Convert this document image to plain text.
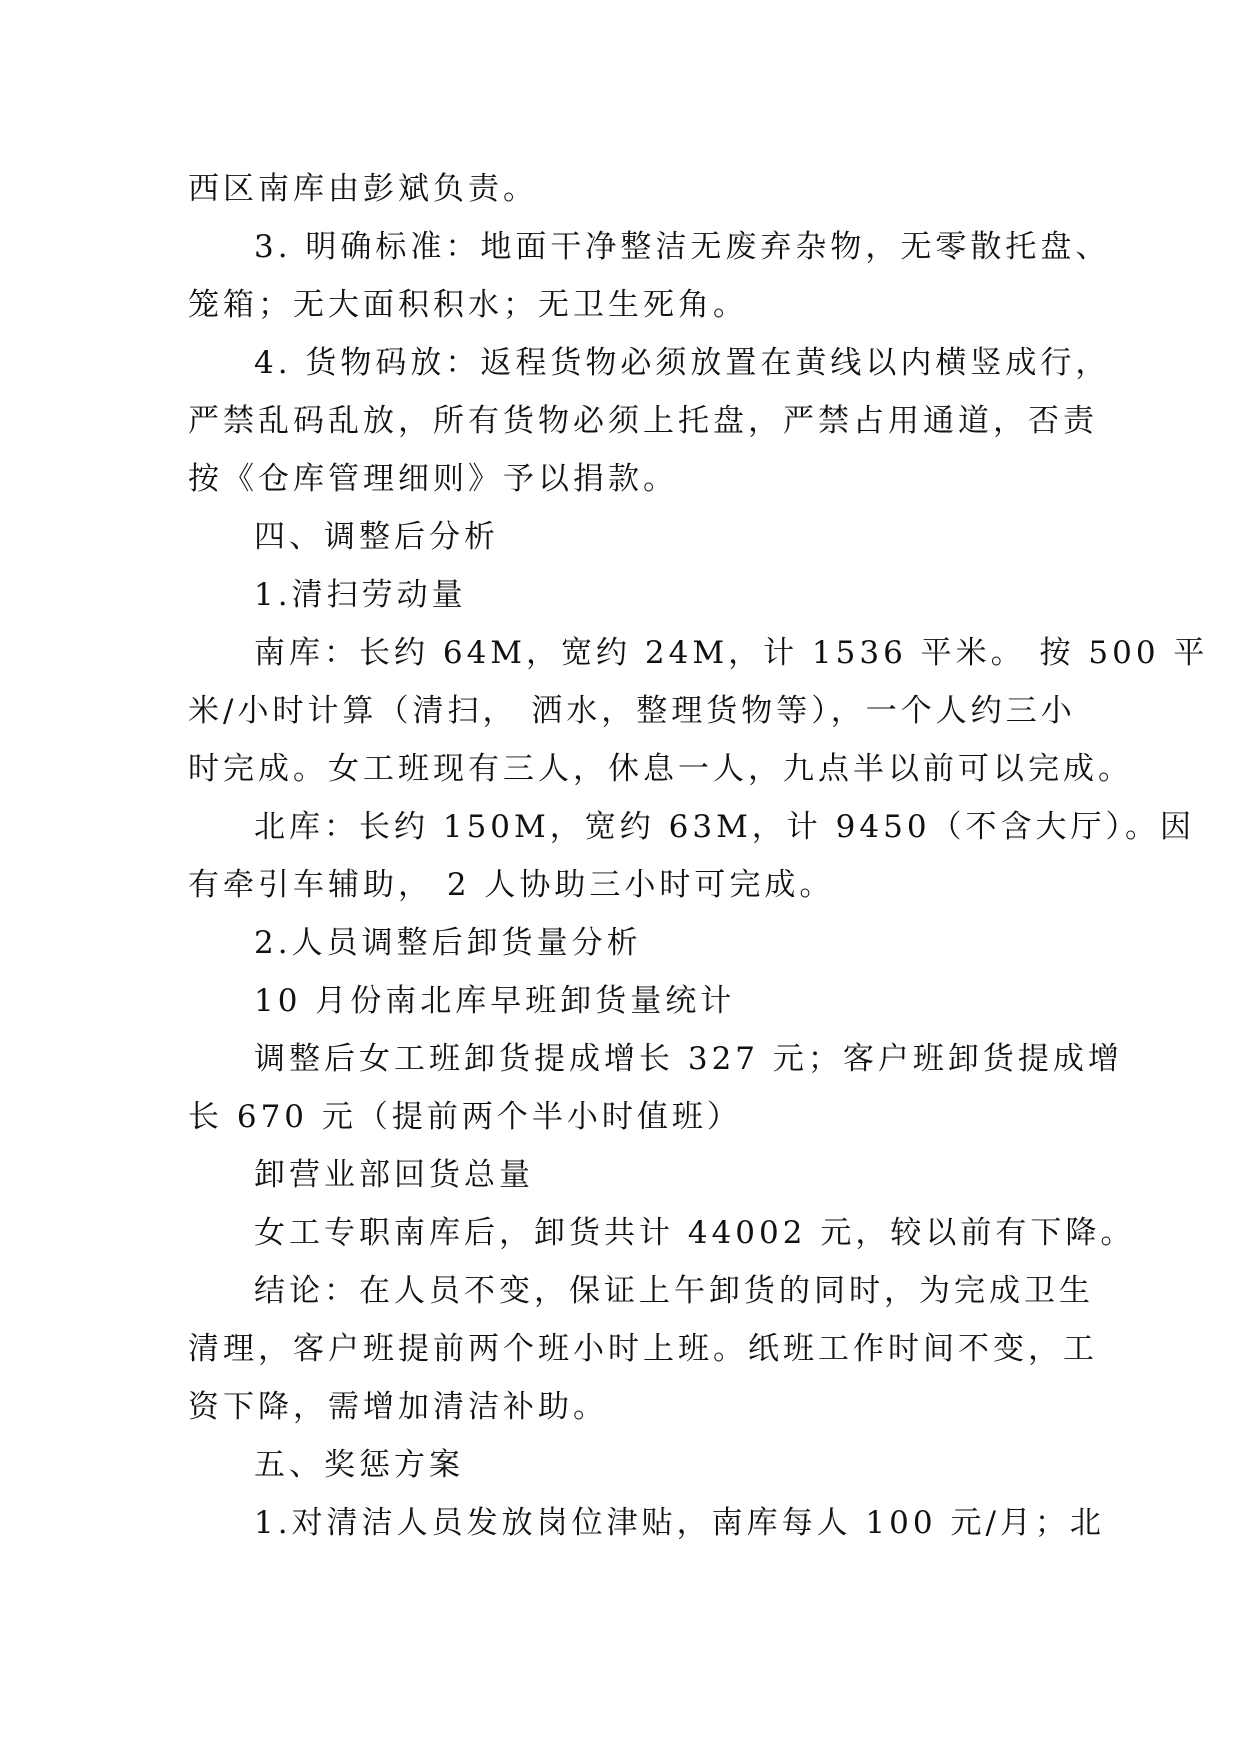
西区南库由彭斌负责。
3. 明确标准：地面干净整洁无废弃杂物，无零散托盘、
笼箱；无大面积积水；无卫生死角。
4. 货物码放：返程货物必须放置在黄线以内横竖成行，
严禁乱码乱放，所有货物必须上托盘，严禁占用通道，否责
按《仓库管理细则》予以捐款。
四、调整后分析
1.清扫劳动量
南库：长约 64M，宽约 24M，计 1536 平米。 按 500 平
米/小时计算（清扫， 洒水，整理货物等），一个人约三小
时完成。女工班现有三人，休息一人，九点半以前可以完成。
北库：长约 150M，宽约 63M，计 9450（不含大厅）。因
有牵引车辅助， 2 人协助三小时可完成。
2.人员调整后卸货量分析
10 月份南北库早班卸货量统计
调整后女工班卸货提成增长 327 元；客户班卸货提成增
长 670 元（提前两个半小时值班）
卸营业部回货总量
女工专职南库后，卸货共计 44002 元，较以前有下降。
结论：在人员不变，保证上午卸货的同时，为完成卫生
清理，客户班提前两个班小时上班。纸班工作时间不变，工
资下降，需增加清洁补助。
五、奖惩方案
1.对清洁人员发放岗位津贴，南库每人 100 元/月；北
